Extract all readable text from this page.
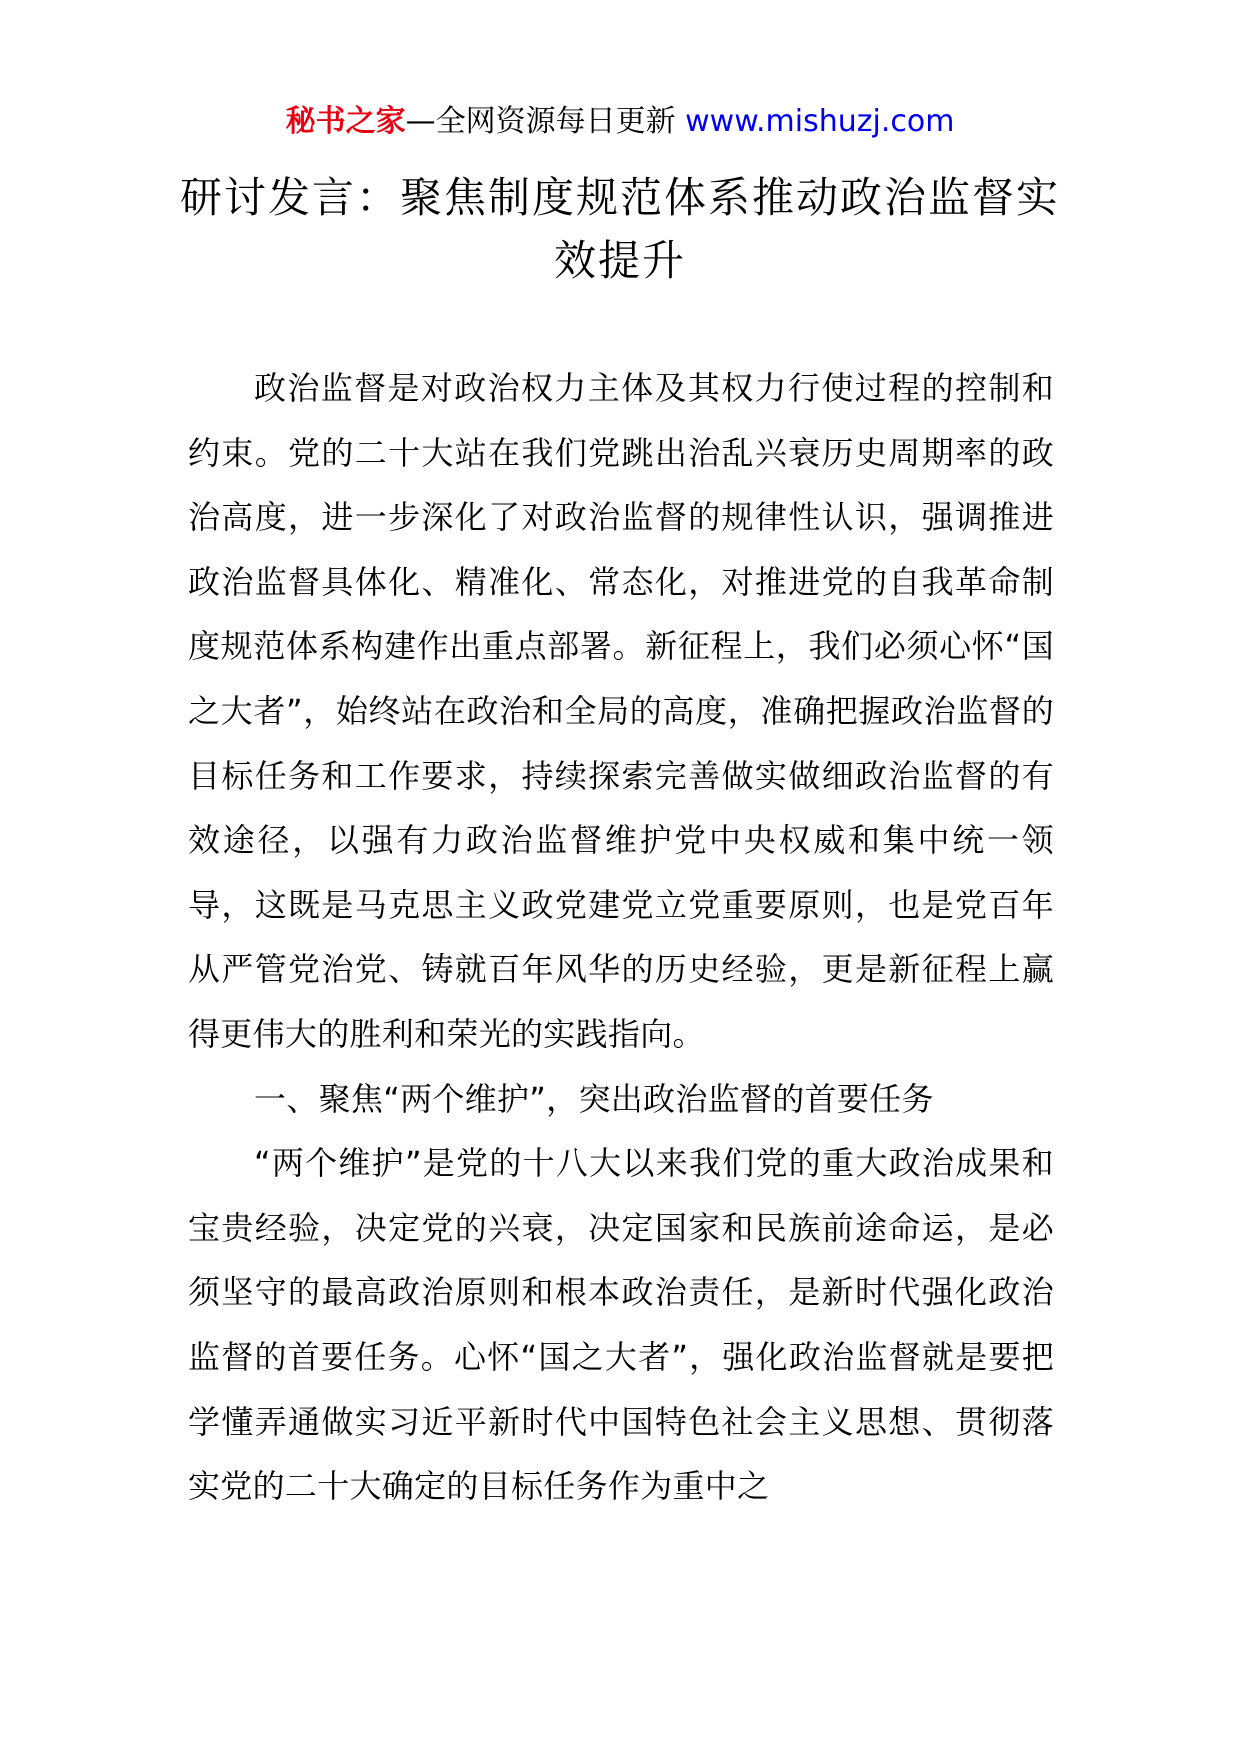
秘书之家—全网资源每日更新 www.mishuzj.com
研讨发言：聚焦制度规范体系推动政治监督实效提升

政治监督是对政治权力主体及其权力行使过程的控制和约束。党的二十大站在我们党跳出治乱兴衰历史周期率的政治高度，进一步深化了对政治监督的规律性认识，强调推进政治监督具体化、精准化、常态化，对推进党的自我革命制度规范体系构建作出重点部署。新征程上，我们必须心怀“国之大者”，始终站在政治和全局的高度，准确把握政治监督的目标任务和工作要求，持续探索完善做实做细政治监督的有效途径，以强有力政治监督维护党中央权威和集中统一领导，这既是马克思主义政党建党立党重要原则，也是党百年从严管党治党、铸就百年风华的历史经验，更是新征程上赢得更伟大的胜利和荣光的实践指向。

一、聚焦“两个维护”，突出政治监督的首要任务

“两个维护”是党的十八大以来我们党的重大政治成果和宝贵经验，决定党的兴衰，决定国家和民族前途命运，是必须坚守的最高政治原则和根本政治责任，是新时代强化政治监督的首要任务。心怀“国之大者”，强化政治监督就是要把学懂弄通做实习近平新时代中国特色社会主义思想、贯彻落实党的二十大确定的目标任务作为重中之
